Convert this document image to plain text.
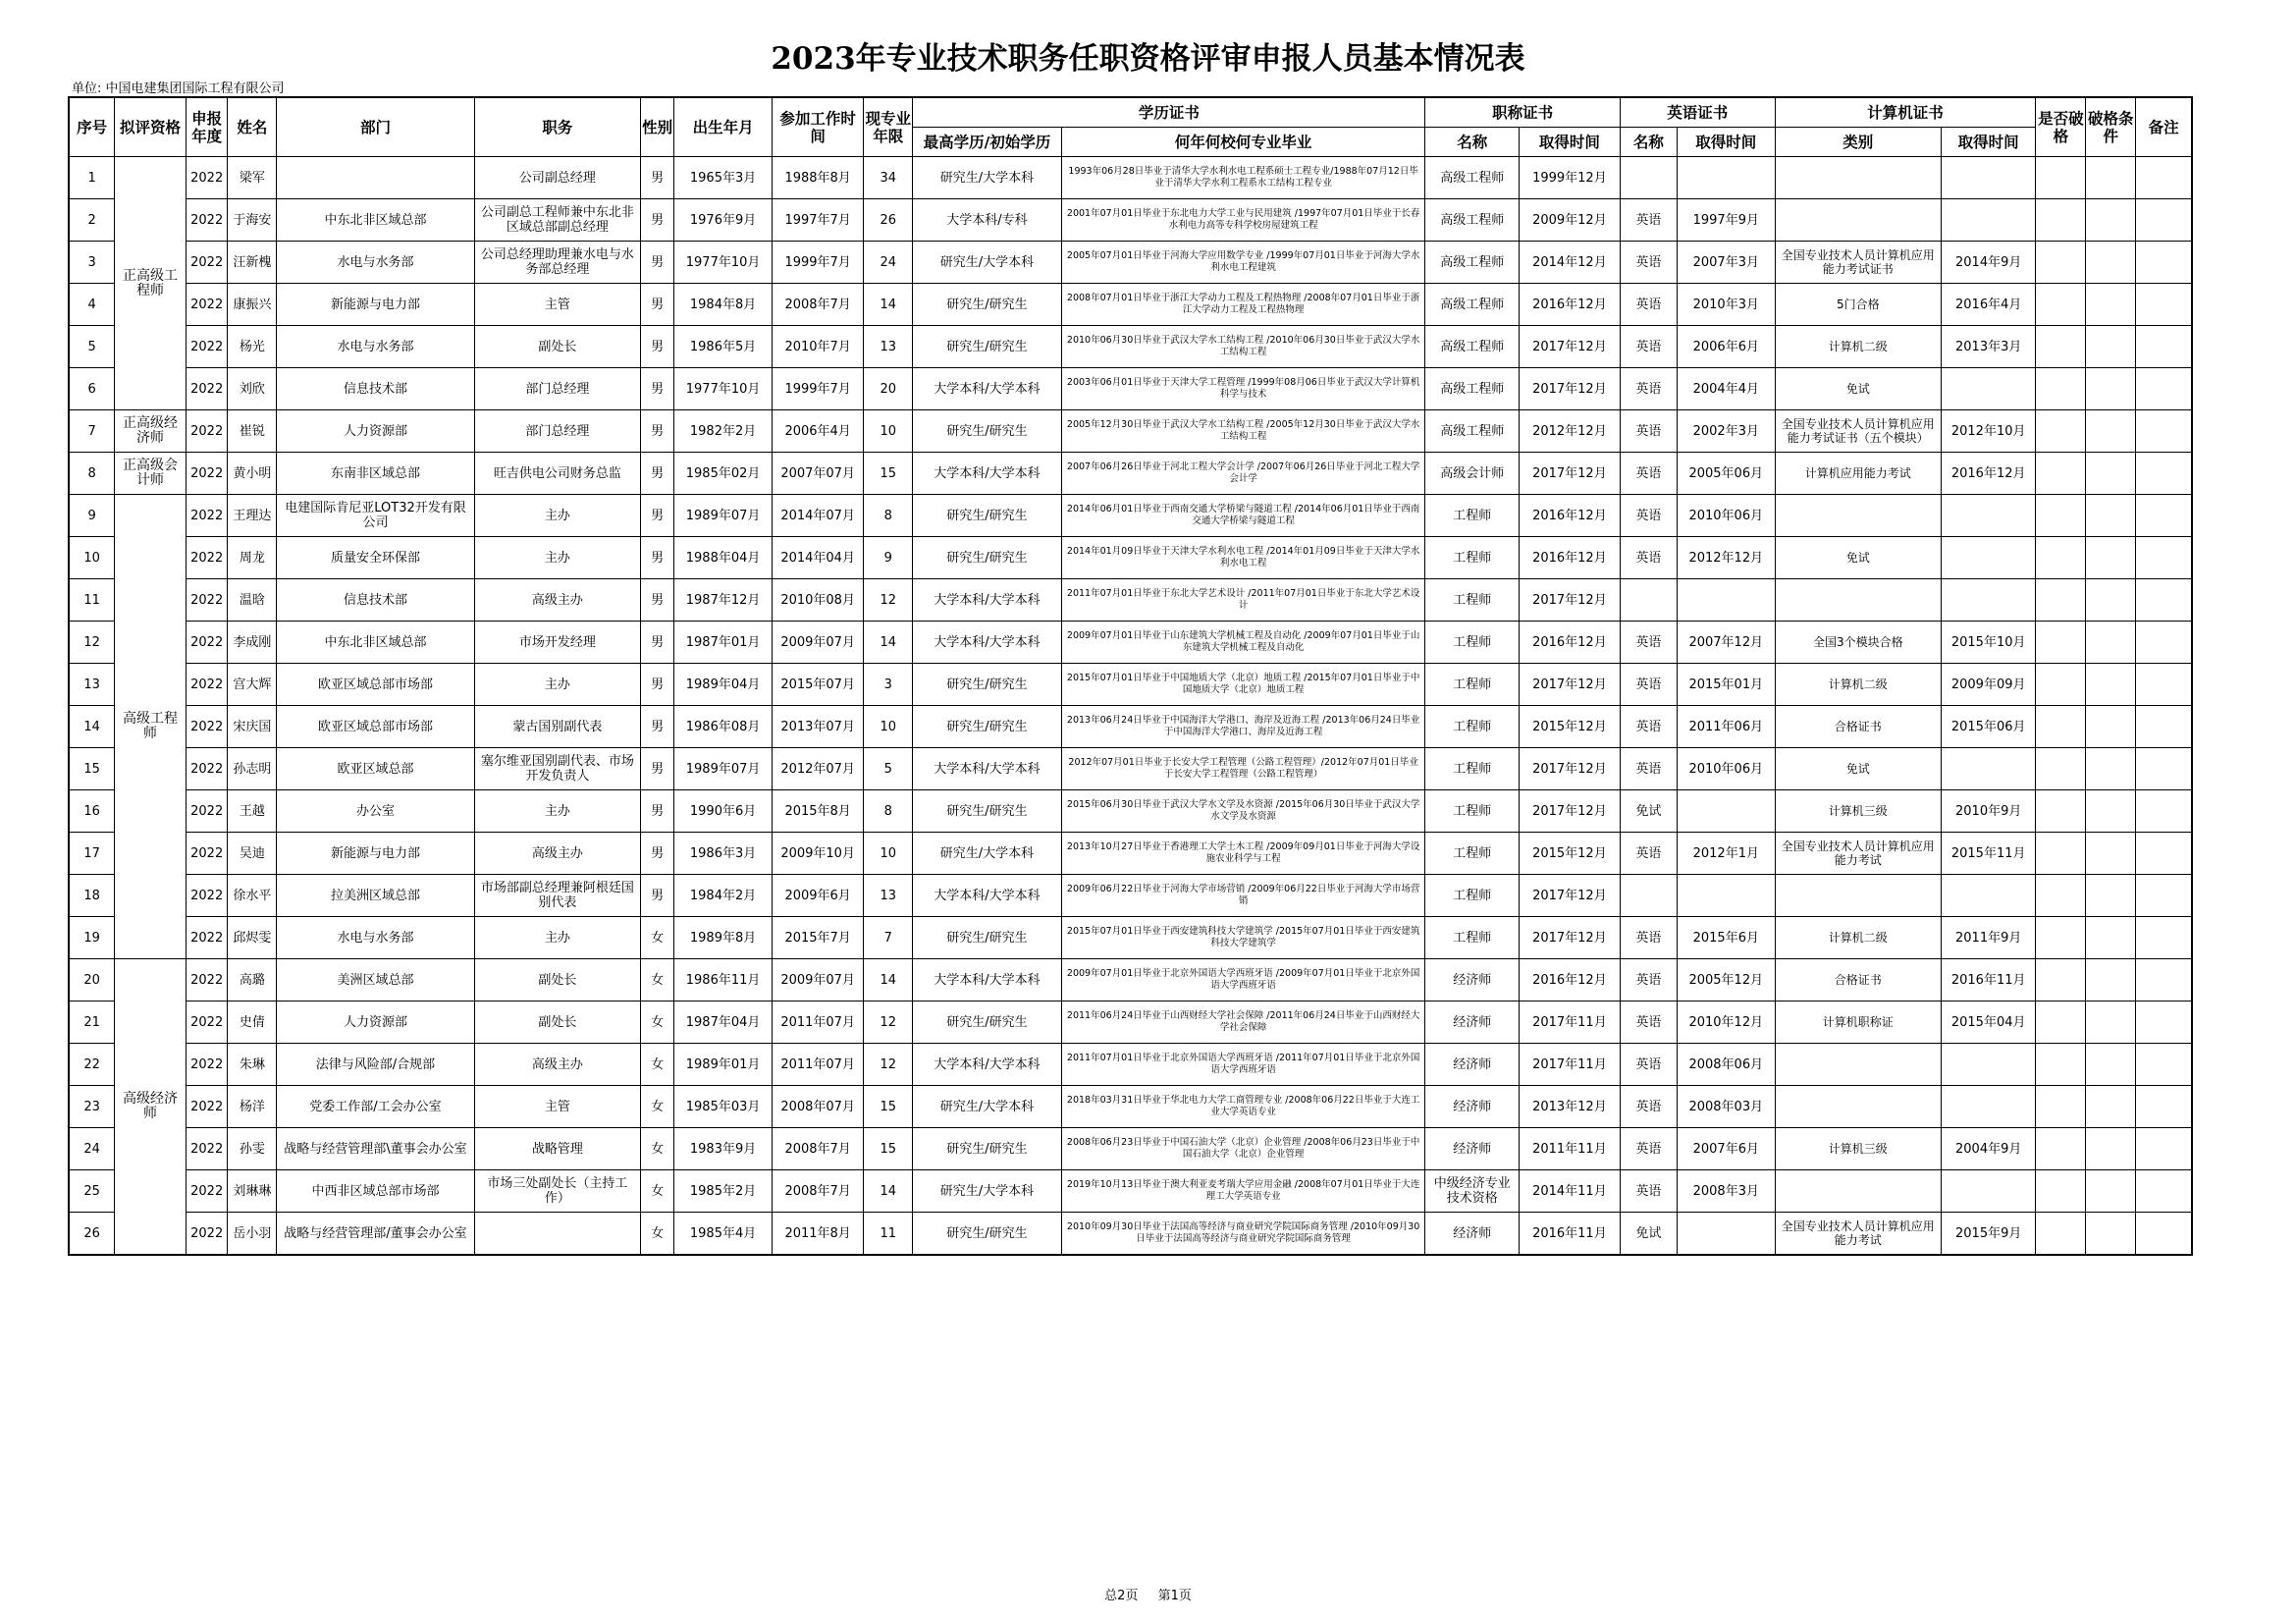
2023年专业技术职务任职资格评审申报人员基本情况表
单位: 中国电建集团国际工程有限公司
序号	拟评资格	申报年度	姓名	部门	职务	性别	出生年月	参加工作时间	现专业年限	学历证书		职称证书		英语证书		计算机证书		是否破格	破格条件	备注
										最高学历/初始学历	何年何校何专业毕业	名称	取得时间	名称	取得时间	类别	取得时间			
1	正高级工程师	2022	梁军		公司副总经理	男	1965年3月	1988年8月	34	研究生/大学本科	1993年06月28日毕业于清华大学水利水电工程系硕士工程专业/1988年07月12日毕业于清华大学水利工程系水工结构工程专业	高级工程师	1999年12月							
2		2022	于海安	中东北非区域总部	公司副总工程师兼中东北非区域总部副总经理	男	1976年9月	1997年7月	26	大学本科/专科	2001年07月01日毕业于东北电力大学工业与民用建筑 /1997年07月01日毕业于长春水利电力高等专科学校房屋建筑工程	高级工程师	2009年12月	英语	1997年9月					
3		2022	汪新槐	水电与水务部	公司总经理助理兼水电与水务部总经理	男	1977年10月	1999年7月	24	研究生/大学本科	2005年07月01日毕业于河海大学应用数学专业 /1999年07月01日毕业于河海大学水利水电工程建筑	高级工程师	2014年12月	英语	2007年3月	全国专业技术人员计算机应用能力考试证书	2014年9月			
4		2022	康振兴	新能源与电力部	主管	男	1984年8月	2008年7月	14	研究生/研究生	2008年07月01日毕业于浙江大学动力工程及工程热物理 /2008年07月01日毕业于浙江大学动力工程及工程热物理	高级工程师	2016年12月	英语	2010年3月	5门合格	2016年4月			
5		2022	杨光	水电与水务部	副处长	男	1986年5月	2010年7月	13	研究生/研究生	2010年06月30日毕业于武汉大学水工结构工程 /2010年06月30日毕业于武汉大学水工结构工程	高级工程师	2017年12月	英语	2006年6月	计算机二级	2013年3月			
6		2022	刘欣	信息技术部	部门总经理	男	1977年10月	1999年7月	20	大学本科/大学本科	2003年06月01日毕业于天津大学工程管理 /1999年08月06日毕业于武汉大学计算机科学与技术	高级工程师	2017年12月	英语	2004年4月	免试				
7	正高级经济师	2022	崔锐	人力资源部	部门总经理	男	1982年2月	2006年4月	10	研究生/研究生	2005年12月30日毕业于武汉大学水工结构工程 /2005年12月30日毕业于武汉大学水工结构工程	高级工程师	2012年12月	英语	2002年3月	全国专业技术人员计算机应用能力考试证书（五个模块）	2012年10月			
8	正高级会计师	2022	黄小明	东南非区域总部	旺吉供电公司财务总监	男	1985年02月	2007年07月	15	大学本科/大学本科	2007年06月26日毕业于河北工程大学会计学 /2007年06月26日毕业于河北工程大学会计学	高级会计师	2017年12月	英语	2005年06月	计算机应用能力考试	2016年12月			
9	高级工程师	2022	王理达	电建国际肯尼亚LOT32开发有限公司	主办	男	1989年07月	2014年07月	8	研究生/研究生	2014年06月01日毕业于西南交通大学桥梁与隧道工程 /2014年06月01日毕业于西南交通大学桥梁与隧道工程	工程师	2016年12月	英语	2010年06月					
10		2022	周龙	质量安全环保部	主办	男	1988年04月	2014年04月	9	研究生/研究生	2014年01月09日毕业于天津大学水利水电工程 /2014年01月09日毕业于天津大学水利水电工程	工程师	2016年12月	英语	2012年12月	免试				
11		2022	温晗	信息技术部	高级主办	男	1987年12月	2010年08月	12	大学本科/大学本科	2011年07月01日毕业于东北大学艺术设计 /2011年07月01日毕业于东北大学艺术设计	工程师	2017年12月							
12		2022	李成刚	中东北非区域总部	市场开发经理	男	1987年01月	2009年07月	14	大学本科/大学本科	2009年07月01日毕业于山东建筑大学机械工程及自动化 /2009年07月01日毕业于山东建筑大学机械工程及自动化	工程师	2016年12月	英语	2007年12月	全国3个模块合格	2015年10月			
13		2022	宫大辉	欧亚区域总部市场部	主办	男	1989年04月	2015年07月	3	研究生/研究生	2015年07月01日毕业于中国地质大学（北京）地质工程 /2015年07月01日毕业于中国地质大学（北京）地质工程	工程师	2017年12月	英语	2015年01月	计算机二级	2009年09月			
14		2022	宋庆国	欧亚区域总部市场部	蒙古国别副代表	男	1986年08月	2013年07月	10	研究生/研究生	2013年06月24日毕业于中国海洋大学港口、海岸及近海工程 /2013年06月24日毕业于中国海洋大学港口、海岸及近海工程	工程师	2015年12月	英语	2011年06月	合格证书	2015年06月			
15		2022	孙志明	欧亚区域总部	塞尔维亚国别副代表、市场开发负责人	男	1989年07月	2012年07月	5	大学本科/大学本科	2012年07月01日毕业于长安大学工程管理（公路工程管理）/2012年07月01日毕业于长安大学工程管理（公路工程管理）	工程师	2017年12月	英语	2010年06月	免试				
16		2022	王越	办公室	主办	男	1990年6月	2015年8月	8	研究生/研究生	2015年06月30日毕业于武汉大学水文学及水资源 /2015年06月30日毕业于武汉大学水文学及水资源	工程师	2017年12月	免试		计算机三级	2010年9月			
17		2022	吴迪	新能源与电力部	高级主办	男	1986年3月	2009年10月	10	研究生/大学本科	2013年10月27日毕业于香港理工大学土木工程 /2009年09月01日毕业于河海大学设施农业科学与工程	工程师	2015年12月	英语	2012年1月	全国专业技术人员计算机应用能力考试	2015年11月			
18		2022	徐水平	拉美洲区域总部	市场部副总经理兼阿根廷国别代表	男	1984年2月	2009年6月	13	大学本科/大学本科	2009年06月22日毕业于河海大学市场营销 /2009年06月22日毕业于河海大学市场营销	工程师	2017年12月							
19		2022	邱烬雯	水电与水务部	主办	女	1989年8月	2015年7月	7	研究生/研究生	2015年07月01日毕业于西安建筑科技大学建筑学 /2015年07月01日毕业于西安建筑科技大学建筑学	工程师	2017年12月	英语	2015年6月	计算机二级	2011年9月			
20	高级经济师	2022	高璐	美洲区域总部	副处长	女	1986年11月	2009年07月	14	大学本科/大学本科	2009年07月01日毕业于北京外国语大学西班牙语 /2009年07月01日毕业于北京外国语大学西班牙语	经济师	2016年12月	英语	2005年12月	合格证书	2016年11月			
21		2022	史倩	人力资源部	副处长	女	1987年04月	2011年07月	12	研究生/研究生	2011年06月24日毕业于山西财经大学社会保障 /2011年06月24日毕业于山西财经大学社会保障	经济师	2017年11月	英语	2010年12月	计算机职称证	2015年04月			
22		2022	朱琳	法律与风险部/合规部	高级主办	女	1989年01月	2011年07月	12	大学本科/大学本科	2011年07月01日毕业于北京外国语大学西班牙语 /2011年07月01日毕业于北京外国语大学西班牙语	经济师	2017年11月	英语	2008年06月					
23		2022	杨洋	党委工作部/工会办公室	主管	女	1985年03月	2008年07月	15	研究生/大学本科	2018年03月31日毕业于华北电力大学工商管理专业 /2008年06月22日毕业于大连工业大学英语专业	经济师	2013年12月	英语	2008年03月					
24		2022	孙雯	战略与经营管理部\董事会办公室	战略管理	女	1983年9月	2008年7月	15	研究生/研究生	2008年06月23日毕业于中国石油大学（北京）企业管理 /2008年06月23日毕业于中国石油大学（北京）企业管理	经济师	2011年11月	英语	2007年6月	计算机三级	2004年9月			
25		2022	刘琳琳	中西非区域总部市场部	市场三处副处长（主持工作）	女	1985年2月	2008年7月	14	研究生/大学本科	2019年10月13日毕业于澳大利亚麦考瑞大学应用金融 /2008年07月01日毕业于大连理工大学英语专业	中级经济专业技术资格	2014年11月	英语	2008年3月					
26		2022	岳小羽	战略与经营管理部/董事会办公室		女	1985年4月	2011年8月	11	研究生/研究生	2010年09月30日毕业于法国高等经济与商业研究学院国际商务管理 /2010年09月30日毕业于法国高等经济与商业研究学院国际商务管理	经济师	2016年11月	免试		全国专业技术人员计算机应用能力考试	2015年9月			
总2页 第1页
